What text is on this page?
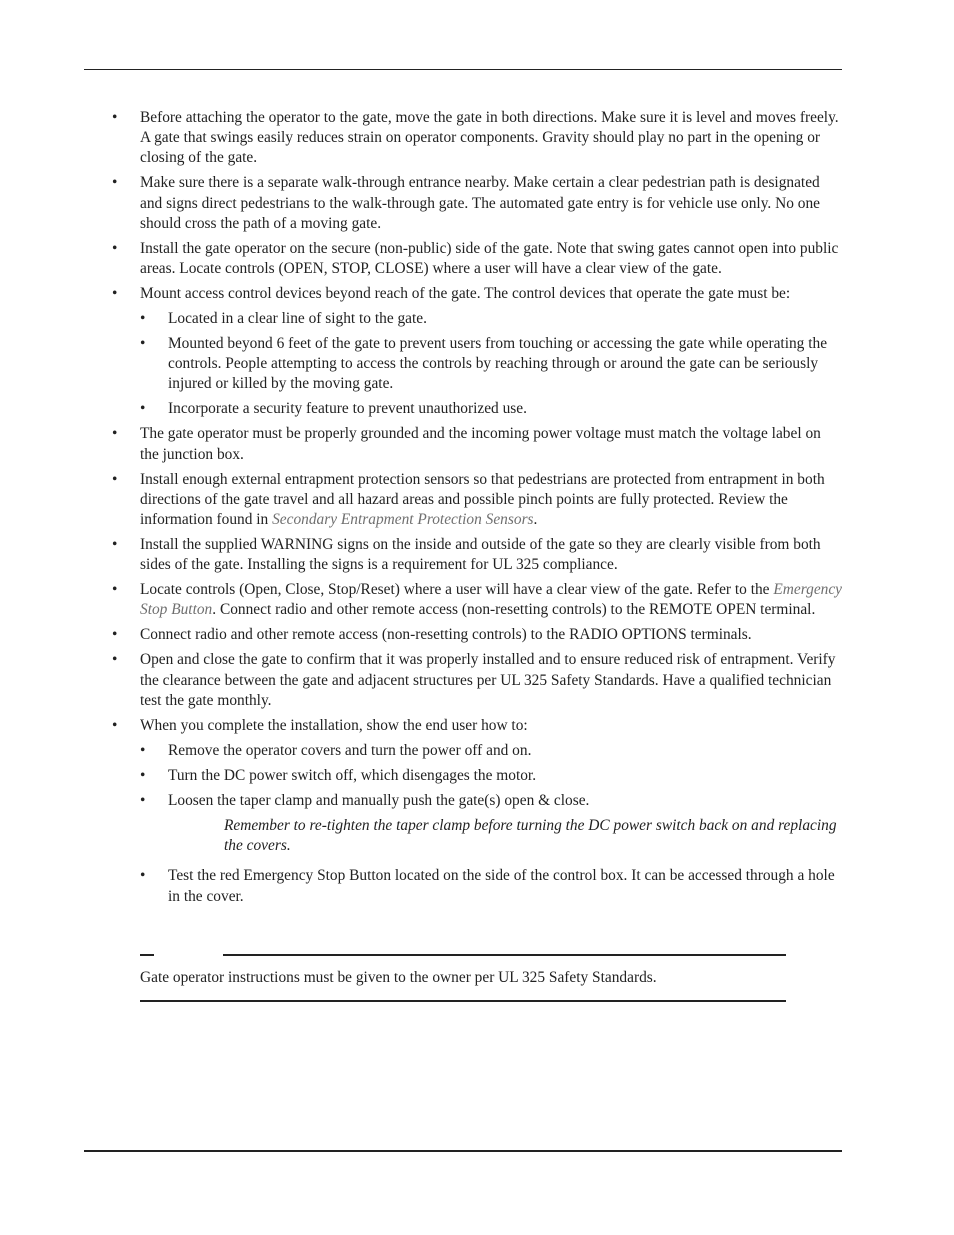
• Before attaching the operator to the gate, move the gate in both directions. Make sure it is level and moves freely. A gate that swings easily reduces strain on operator components. Gravity should play no part in the opening or closing of the gate.
• Make sure there is a separate walk-through entrance nearby. Make certain a clear pedestrian path is designated and signs direct pedestrians to the walk-through gate. The automated gate entry is for vehicle use only. No one should cross the path of a moving gate.
• Install the gate operator on the secure (non-public) side of the gate. Note that swing gates cannot open into public areas. Locate controls (OPEN, STOP, CLOSE) where a user will have a clear view of the gate.
• Mount access control devices beyond reach of the gate. The control devices that operate the gate must be:
• Located in a clear line of sight to the gate.
• Mounted beyond 6 feet of the gate to prevent users from touching or accessing the gate while operating the controls. People attempting to access the controls by reaching through or around the gate can be seriously injured or killed by the moving gate.
• Incorporate a security feature to prevent unauthorized use.
• The gate operator must be properly grounded and the incoming power voltage must match the voltage label on the junction box.
• Install enough external entrapment protection sensors so that pedestrians are protected from entrapment in both directions of the gate travel and all hazard areas and possible pinch points are fully protected. Review the information found in Secondary Entrapment Protection Sensors.
• Install the supplied WARNING signs on the inside and outside of the gate so they are clearly visible from both sides of the gate. Installing the signs is a requirement for UL 325 compliance.
• Locate controls (Open, Close, Stop/Reset) where a user will have a clear view of the gate. Refer to the Emergency Stop Button. Connect radio and other remote access (non-resetting controls) to the REMOTE OPEN terminal.
• Connect radio and other remote access (non-resetting controls) to the RADIO OPTIONS terminals.
• Open and close the gate to confirm that it was properly installed and to ensure reduced risk of entrapment. Verify the clearance between the gate and adjacent structures per UL 325 Safety Standards. Have a qualified technician test the gate monthly.
• When you complete the installation, show the end user how to:
• Remove the operator covers and turn the power off and on.
• Turn the DC power switch off, which disengages the motor.
• Loosen the taper clamp and manually push the gate(s) open & close.
Remember to re-tighten the taper clamp before turning the DC power switch back on and replacing the covers.
• Test the red Emergency Stop Button located on the side of the control box. It can be accessed through a hole in the cover.
Gate operator instructions must be given to the owner per UL 325 Safety Standards.
